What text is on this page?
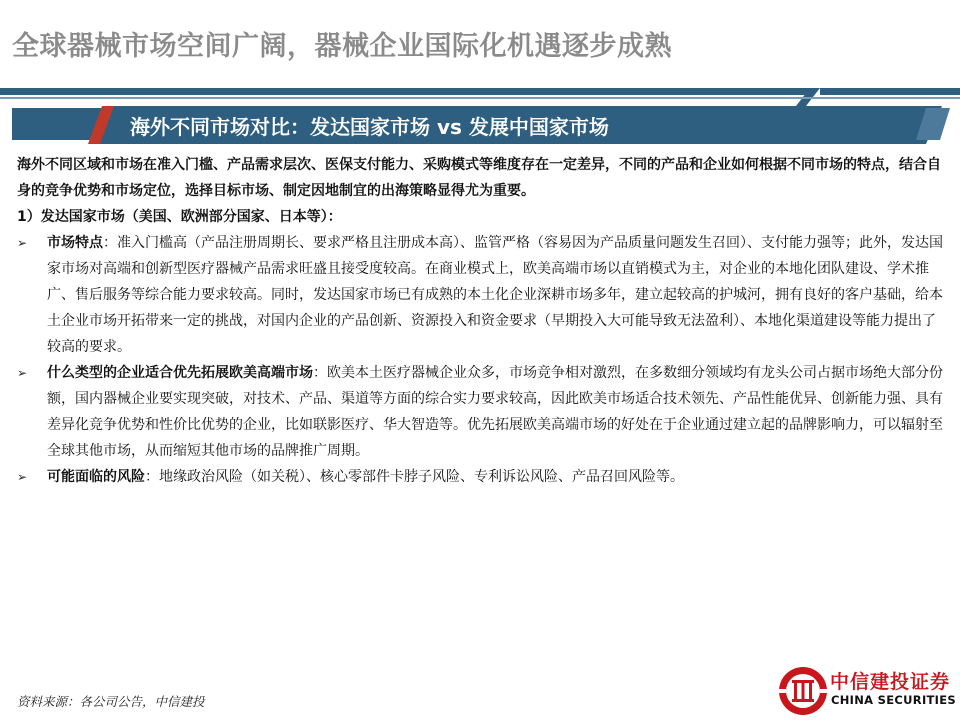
全球器械市场空间广阔，器械企业国际化机遇逐步成熟
海外不同市场对比：发达国家市场 vs 发展中国家市场

海外不同区域和市场在准入门槛、产品需求层次、医保支付能力、采购模式等维度存在一定差异，不同的产品和企业如何根据不同市场的特点，结合自身的竞争优势和市场定位，选择目标市场、制定因地制宜的出海策略显得尤为重要。

1）发达国家市场（美国、欧洲部分国家、日本等）：

➢	市场特点：准入门槛高（产品注册周期长、要求严格且注册成本高）、监管严格（容易因为产品质量问题发生召回）、支付能力强等；此外，发达国家市场对高端和创新型医疗器械产品需求旺盛且接受度较高。在商业模式上，欧美高端市场以直销模式为主，对企业的本地化团队建设、学术推广、售后服务等综合能力要求较高。同时，发达国家市场已有成熟的本土化企业深耕市场多年，建立起较高的护城河，拥有良好的客户基础，给本土企业市场开拓带来一定的挑战，对国内企业的产品创新、资源投入和资金要求（早期投入大可能导致无法盈利）、本地化渠道建设等能力提出了较高的要求。
➢	什么类型的企业适合优先拓展欧美高端市场：欧美本土医疗器械企业众多，市场竞争相对激烈，在多数细分领域均有龙头公司占据市场绝大部分份额，国内器械企业要实现突破，对技术、产品、渠道等方面的综合实力要求较高，因此欧美市场适合技术领先、产品性能优异、创新能力强、具有差异化竞争优势和性价比优势的企业，比如联影医疗、华大智造等。优先拓展欧美高端市场的好处在于企业通过建立起的品牌影响力，可以辐射至全球其他市场，从而缩短其他市场的品牌推广周期。
➢	可能面临的风险：地缘政治风险（如关税）、核心零部件卡脖子风险、专利诉讼风险、产品召回风险等。
资料来源：各公司公告，中信建投
中信建投证券
CHINA SECURITIES
